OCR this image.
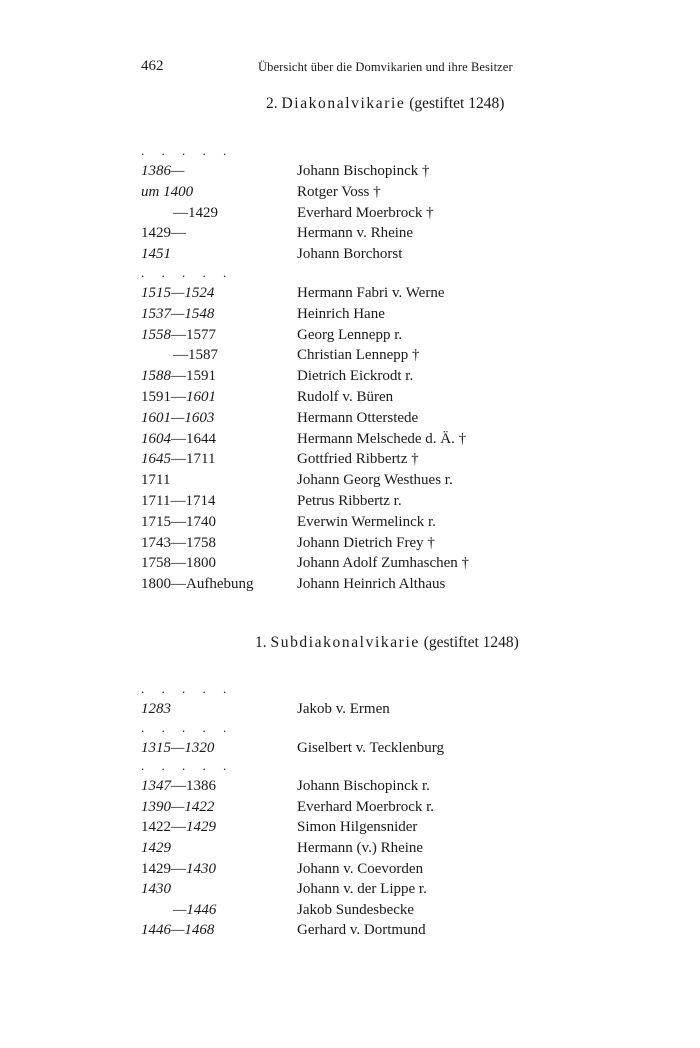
462	Übersicht über die Domvikarien und ihre Besitzer
2. Diakonalvikarie (gestiftet 1248)
. . . . .
1386—	Johann Bischopinck †
um 1400	Rotger Voss †
—1429	Everhard Moerbrock †
1429—	Hermann v. Rheine
1451	Johann Borchorst
. . . . .
1515—1524	Hermann Fabri v. Werne
1537—1548	Heinrich Hane
1558—1577	Georg Lennepp r.
—1587	Christian Lennepp †
1588—1591	Dietrich Eickrodt r.
1591—1601	Rudolf v. Büren
1601—1603	Hermann Otterstede
1604—1644	Hermann Melschede d. Ä. †
1645—1711	Gottfried Ribbertz †
1711	Johann Georg Westhues r.
1711—1714	Petrus Ribbertz r.
1715—1740	Everwin Wermelinck r.
1743—1758	Johann Dietrich Frey †
1758—1800	Johann Adolf Zumhaschen †
1800—Aufhebung	Johann Heinrich Althaus
1. Subdiakonalvikarie (gestiftet 1248)
. . . . .
1283	Jakob v. Ermen
. . . . .
1315—1320	Giselbert v. Tecklenburg
. . . . .
1347—1386	Johann Bischopinck r.
1390—1422	Everhard Moerbrock r.
1422—1429	Simon Hilgensnider
1429	Hermann (v.) Rheine
1429—1430	Johann v. Coevorden
1430	Johann v. der Lippe r.
—1446	Jakob Sundesbecke
1446—1468	Gerhard v. Dortmund
